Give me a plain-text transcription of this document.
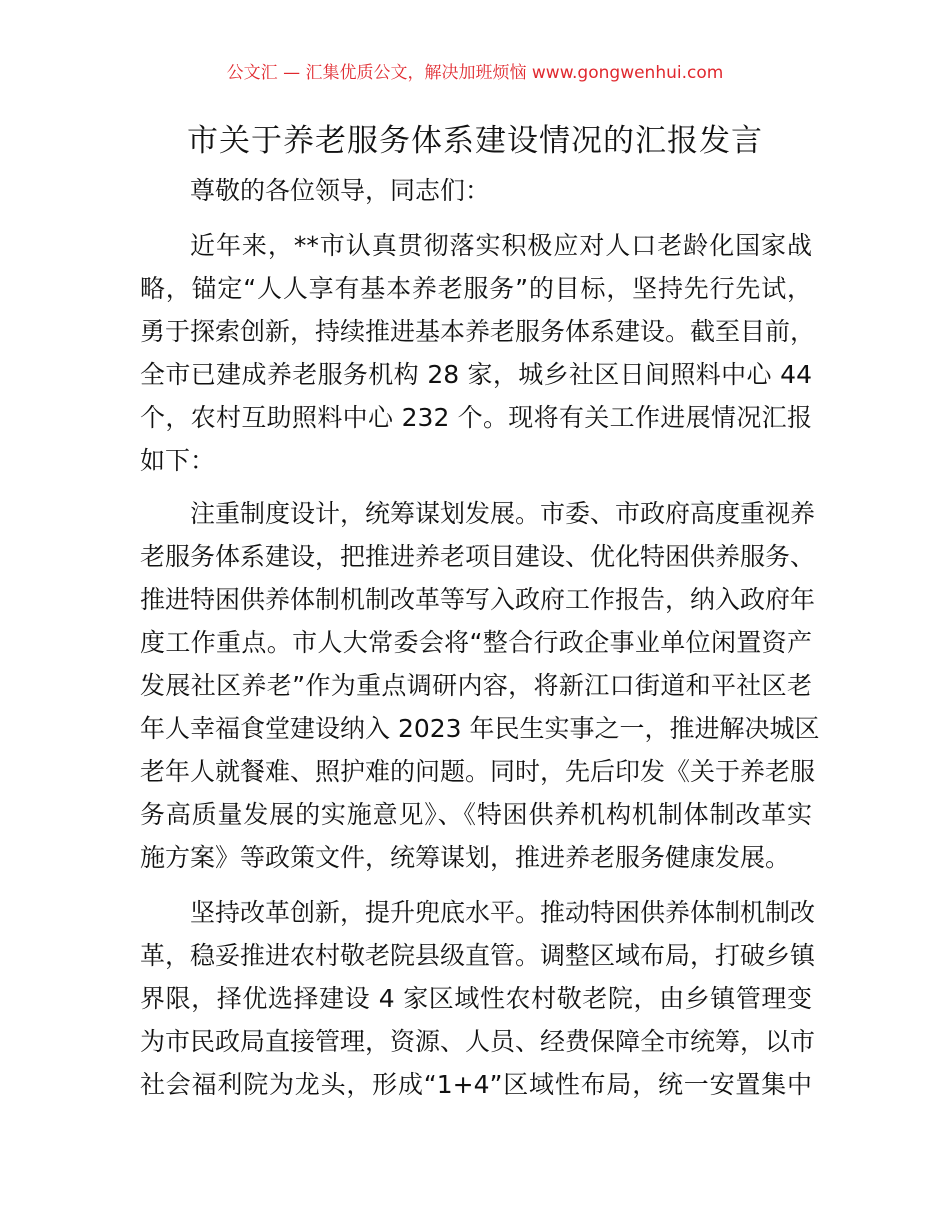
公文汇 — 汇集优质公文，解决加班烦恼 www.gongwenhui.com
市关于养老服务体系建设情况的汇报发言
尊敬的各位领导，同志们：
近年来，**市认真贯彻落实积极应对人口老龄化国家战
略，锚定“人人享有基本养老服务”的目标，坚持先行先试，
勇于探索创新，持续推进基本养老服务体系建设。截至目前，
全市已建成养老服务机构 28 家，城乡社区日间照料中心 44
个，农村互助照料中心 232 个。现将有关工作进展情况汇报
如下：
注重制度设计，统筹谋划发展。市委、市政府高度重视养
老服务体系建设，把推进养老项目建设、优化特困供养服务、
推进特困供养体制机制改革等写入政府工作报告，纳入政府年
度工作重点。市人大常委会将“整合行政企事业单位闲置资产
发展社区养老”作为重点调研内容，将新江口街道和平社区老
年人幸福食堂建设纳入 2023 年民生实事之一，推进解决城区
老年人就餐难、照护难的问题。同时，先后印发《关于养老服
务高质量发展的实施意见》、《特困供养机构机制体制改革实
施方案》等政策文件，统筹谋划，推进养老服务健康发展。
坚持改革创新，提升兜底水平。推动特困供养体制机制改
革，稳妥推进农村敬老院县级直管。调整区域布局，打破乡镇
界限，择优选择建设 4 家区域性农村敬老院，由乡镇管理变
为市民政局直接管理，资源、人员、经费保障全市统筹，以市
社会福利院为龙头，形成“1+4”区域性布局，统一安置集中
